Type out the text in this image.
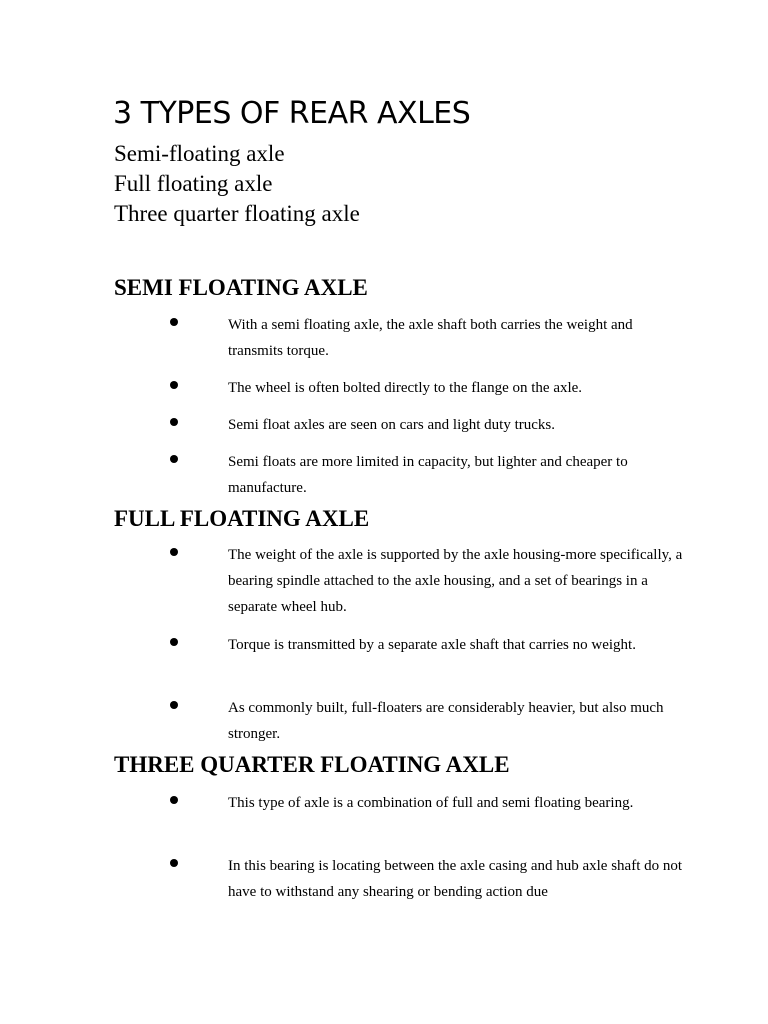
3 TYPES OF REAR AXLES
Semi-floating axle
Full floating axle
Three quarter floating axle
SEMI FLOATING AXLE
With a semi floating axle, the axle shaft both carries the weight and transmits torque.
The wheel is often bolted directly to the flange on the axle.
Semi float axles are seen on cars and light duty trucks.
Semi floats are more limited in capacity, but lighter and cheaper to manufacture.
FULL FLOATING AXLE
The weight of the axle is supported by the axle housing-more specifically, a bearing spindle attached to the axle housing, and a set of bearings in a separate wheel hub.
Torque is transmitted by a separate axle shaft that carries no weight.
As commonly built, full-floaters are considerably heavier, but also much stronger.
THREE QUARTER FLOATING AXLE
This type of axle is a combination of full and semi floating bearing.
In this bearing is locating between the axle casing and hub axle shaft do not have to withstand any shearing or bending action due
